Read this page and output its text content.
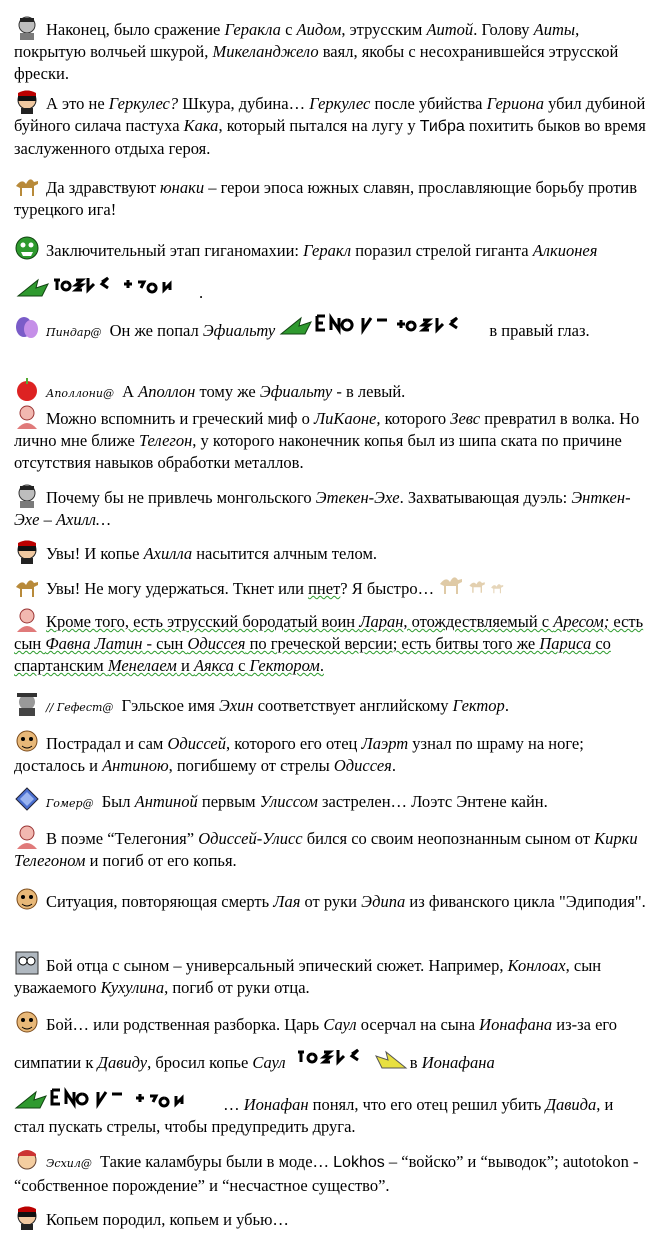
Наконец, было сражение Геракла с Аидом, этрусским Аитой. Голову Аиты, покрытую волчьей шкурой, Микеланджело ваял, якобы с несохранившейся этрусской фрески.
А это не Геркулес? Шкура, дубина… Геркулес после убийства Гериона убил дубиной буйного силача пастуха Кака, который пытался на лугу у Тибра похитить быков во время заслуженного отдыха героя.
Да здравствуют юнаки – герои эпоса южных славян, прославляющие борьбу против турецкого ига!
Заключительный этап гиганомахии: Геракл поразил стрелой гиганта Алкионея
.
Пиндар@ Он же попал Эфиальту	в правый глаз.
Аполлони@ А Аполлон тому же Эфиальту - в левый.
Можно вспомнить и греческий миф о ЛиКаоне, которого Зевс превратил в волка. Но лично мне ближе Телегон, у которого наконечник копья был из шипа ската по причине отсутствия навыков обработки металлов.
Почему бы не привлечь монгольского Этекен-Эхе. Захватывающая дуэль: Энткен-Эхе – Ахилл…
Увы! И копье Ахилла насытится алчным телом.
Увы! Не могу удержаться. Ткнет или пнет? Я быстро…
Кроме того, есть этрусский бородатый воин Ларан, отождествляемый с Аресом; есть сын Фавна Латин - сын Одиссея по греческой версии; есть битвы того же Париса со спартанским Менелаем и Аякса с Гектором.
// Гефест@ Гэльское имя Эхин соответствует английскому Гектор.
Пострадал и сам Одиссей, которого его отец Лаэрт узнал по шраму на ноге; досталось и Антиною, погибшему от стрелы Одиссея.
Гомер@ Был Антиной первым Улиссом застрелен… Лоэтс Энтене кайн.
В поэме “Телегония” Одиссей-Улисс бился со своим неопознанным сыном от Кирки Телегоном и погиб от его копья.
Ситуация, повторяющая смерть Лая от руки Эдипа из фиванского цикла "Эдиподия".
Бой отца с сыном – универсальный эпический сюжет. Например, Конлоах, сын уважаемого Кухулина, погиб от руки отца.
Бой… или родственная разборка. Царь Саул осерчал на сына Ионафана из-за его симпатии к Давиду, бросил копье Саул	в Ионафана
… Ионафан понял, что его отец решил убить Давида, и стал пускать стрелы, чтобы предупредить друга.
Эсхил@ Такие каламбуры были в моде… Lokhos – “войско” и “выводок”; autotokon - “собственное порождение” и “несчастное существо”.
Копьем породил, копьем и убью…
